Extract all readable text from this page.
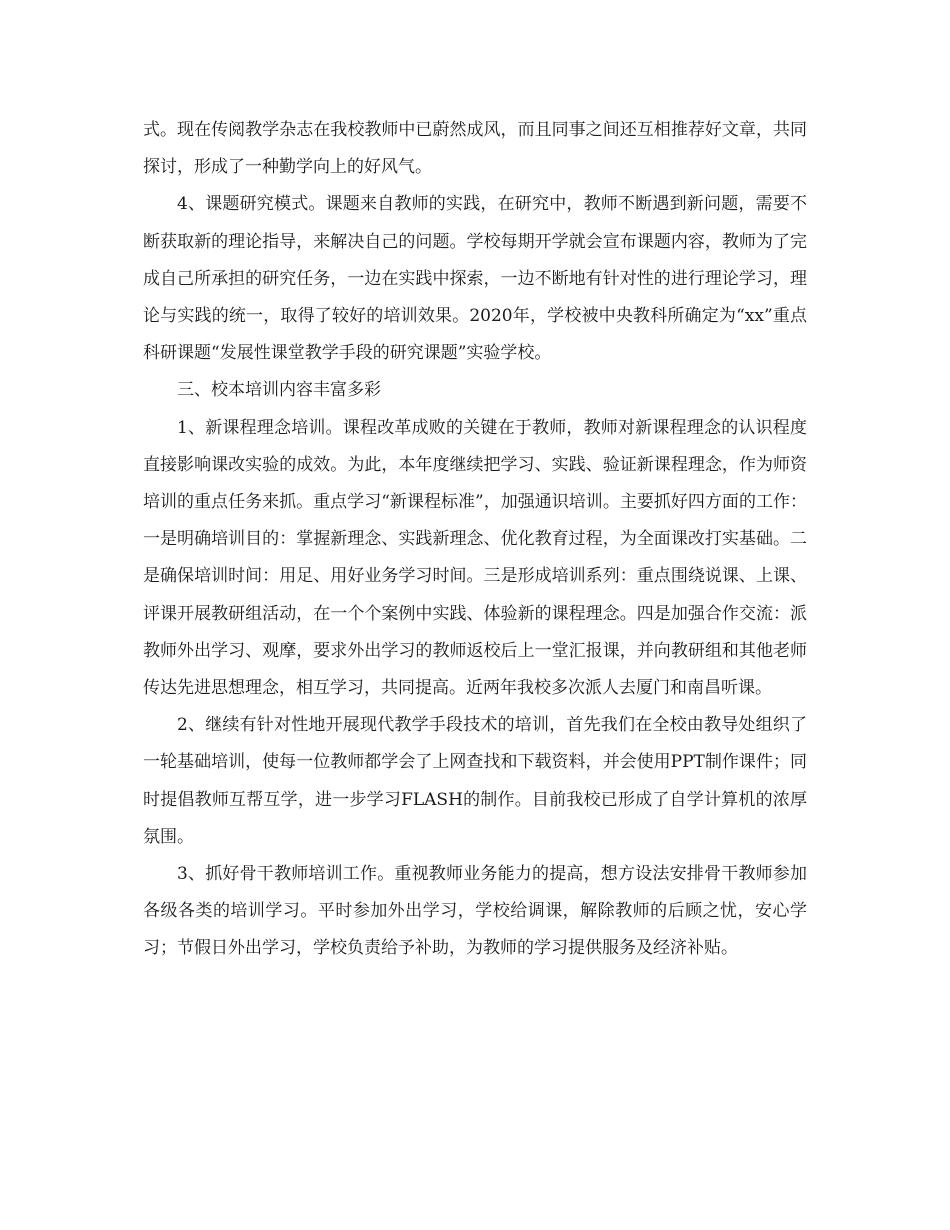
式。现在传阅教学杂志在我校教师中已蔚然成风，而且同事之间还互相推荐好文章，共同探讨，形成了一种勤学向上的好风气。

4、课题研究模式。课题来自教师的实践，在研究中，教师不断遇到新问题，需要不断获取新的理论指导，来解决自己的问题。学校每期开学就会宣布课题内容，教师为了完成自己所承担的研究任务，一边在实践中探索，一边不断地有针对性的进行理论学习，理论与实践的统一，取得了较好的培训效果。2020年，学校被中央教科所确定为“xx”重点科研课题“发展性课堂教学手段的研究课题”实验学校。

三、校本培训内容丰富多彩

1、新课程理念培训。课程改革成败的关键在于教师，教师对新课程理念的认识程度直接影响课改实验的成效。为此，本年度继续把学习、实践、验证新课程理念，作为师资培训的重点任务来抓。重点学习“新课程标准”，加强通识培训。主要抓好四方面的工作：一是明确培训目的：掌握新理念、实践新理念、优化教育过程，为全面课改打实基础。二是确保培训时间：用足、用好业务学习时间。三是形成培训系列：重点围绕说课、上课、评课开展教研组活动，在一个个案例中实践、体验新的课程理念。四是加强合作交流：派教师外出学习、观摩，要求外出学习的教师返校后上一堂汇报课，并向教研组和其他老师传达先进思想理念，相互学习，共同提高。近两年我校多次派人去厦门和南昌听课。

2、继续有针对性地开展现代教学手段技术的培训，首先我们在全校由教导处组织了一轮基础培训，使每一位教师都学会了上网查找和下载资料，并会使用PPT制作课件；同时提倡教师互帮互学，进一步学习FLASH的制作。目前我校已形成了自学计算机的浓厚氛围。

3、抓好骨干教师培训工作。重视教师业务能力的提高，想方设法安排骨干教师参加各级各类的培训学习。平时参加外出学习，学校给调课，解除教师的后顾之忧，安心学习；节假日外出学习，学校负责给予补助，为教师的学习提供服务及经济补贴。
